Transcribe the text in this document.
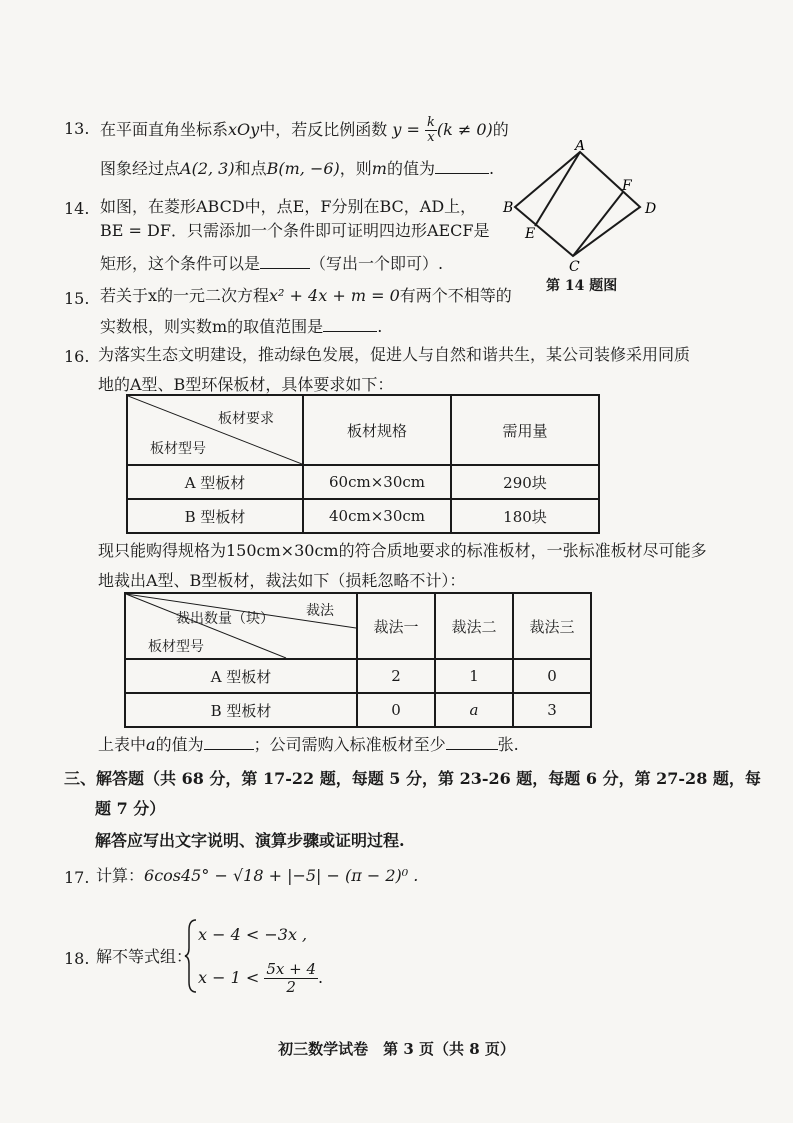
13. 在平面直角坐标系xOy中，若反比例函数 $y = \frac{k}{x} (k \ne 0)$的
图象经过点A(2, 3)和点B(m, −6)，则m的值为	.
14. 如图，在菱形ABCD中，点E，F分别在BC，AD上，
BE = DF．只需添加一个条件即可证明四边形AECF是
矩形，这个条件可以是	（写出一个即可）.
A
B
C
D
E
F
第 14 题图
15. 若关于x的一元二次方程x² + 4x + m = 0有两个不相等的
实数根，则实数m的取值范围是	.
16. 为落实生态文明建设，推动绿色发展，促进人与自然和谐共生，某公司装修采用同质
地的A型、B型环保板材，具体要求如下：
板材要求
板材型号	板材规格	需用量
A 型板材	60cm×30cm	290块
B 型板材	40cm×30cm	180块
现只能购得规格为150cm×30cm的符合质地要求的标准板材，一张标准板材尽可能多
地裁出A型、B型板材，裁法如下（损耗忽略不计）：
裁法
裁出数量（块）
板材型号	裁法一	裁法二	裁法三
A 型板材	2	1	0
B 型板材	0	a	3
上表中a的值为	；公司需购入标准板材至少	张.
三、解答题（共 68 分，第 17-22 题，每题 5 分，第 23-26 题，每题 6 分，第 27-28 题，每
题 7 分）
解答应写出文字说明、演算步骤或证明过程.
17. 计算：6cos45° − √18 + |−5| − (π − 2)⁰ .
18. 解不等式组：
x − 4 < −3x ,
$x - 1 < \frac{5x + 4}{2}$ .
初三数学试卷　第 3 页（共 8 页）
